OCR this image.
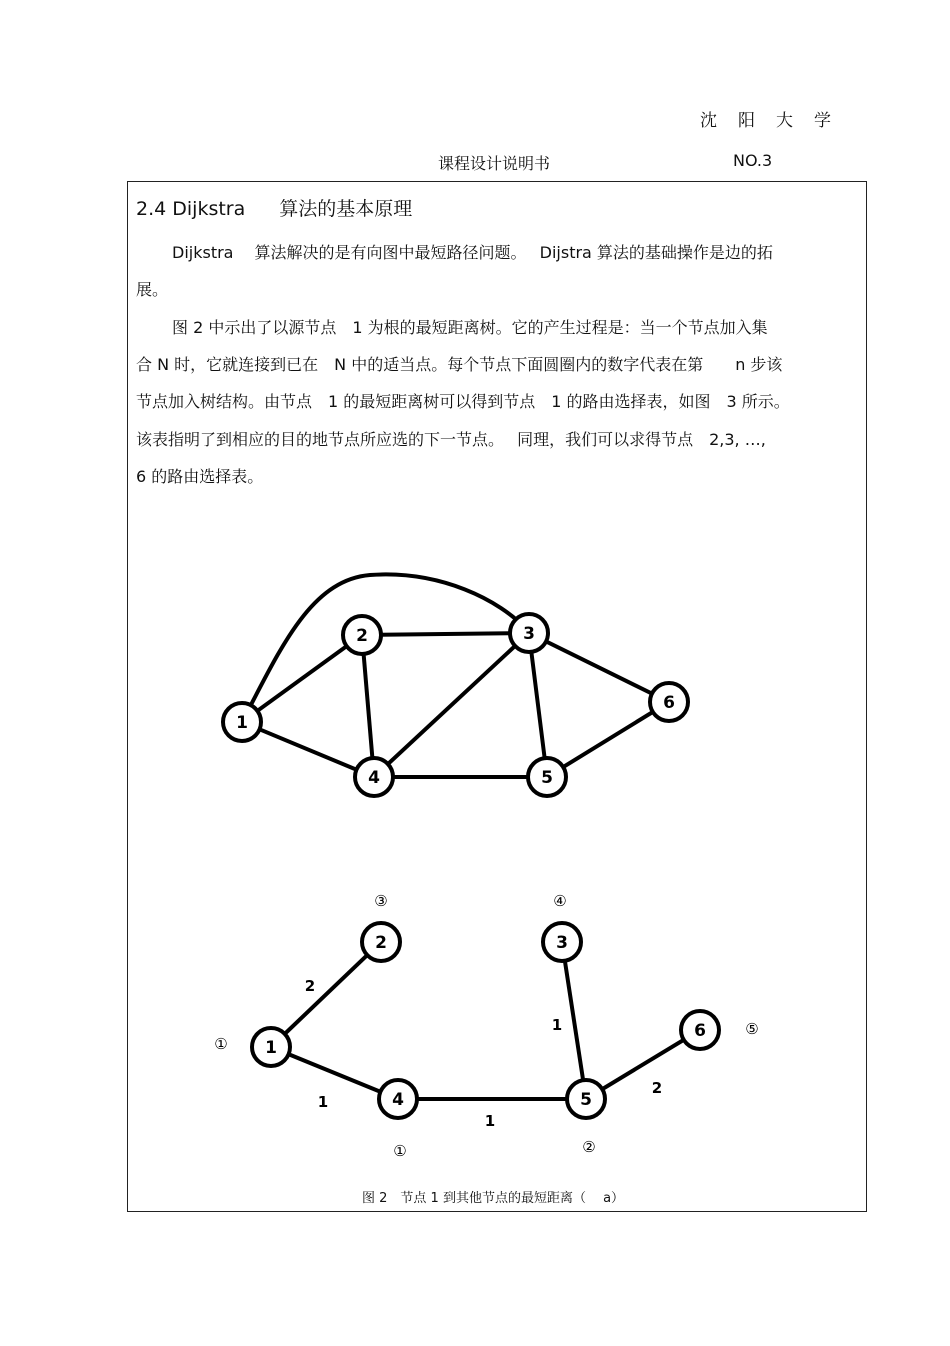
沈 阳 大 学
课程设计说明书	NO.3
2.4 Dijkstra 算法的基本原理
Dijkstra　 算法解决的是有向图中最短路径问题。　 Dijstra 算法的基础操作是边的拓
展。
图 2 中示出了以源节点　1 为根的最短距离树。它的产生过程是：当一个节点加入集
合 N 时，它就连接到已在　N 中的适当点。每个节点下面圆圈内的数字代表在第　　n 步该
节点加入树结构。由节点　1 的最短距离树可以得到节点　1 的路由选择表，如图　3 所示。
该表指明了到相应的目的地节点所应选的下一节点。　 同理，我们可以求得节点　2,3, …,
6 的路由选择表。
1
2	3
4	5
6
1
2	3
4	5
6
2
1
1
1
2
③	④
①
⑤
①	②
图 2　节点 1 到其他节点的最短距离（　 a）
